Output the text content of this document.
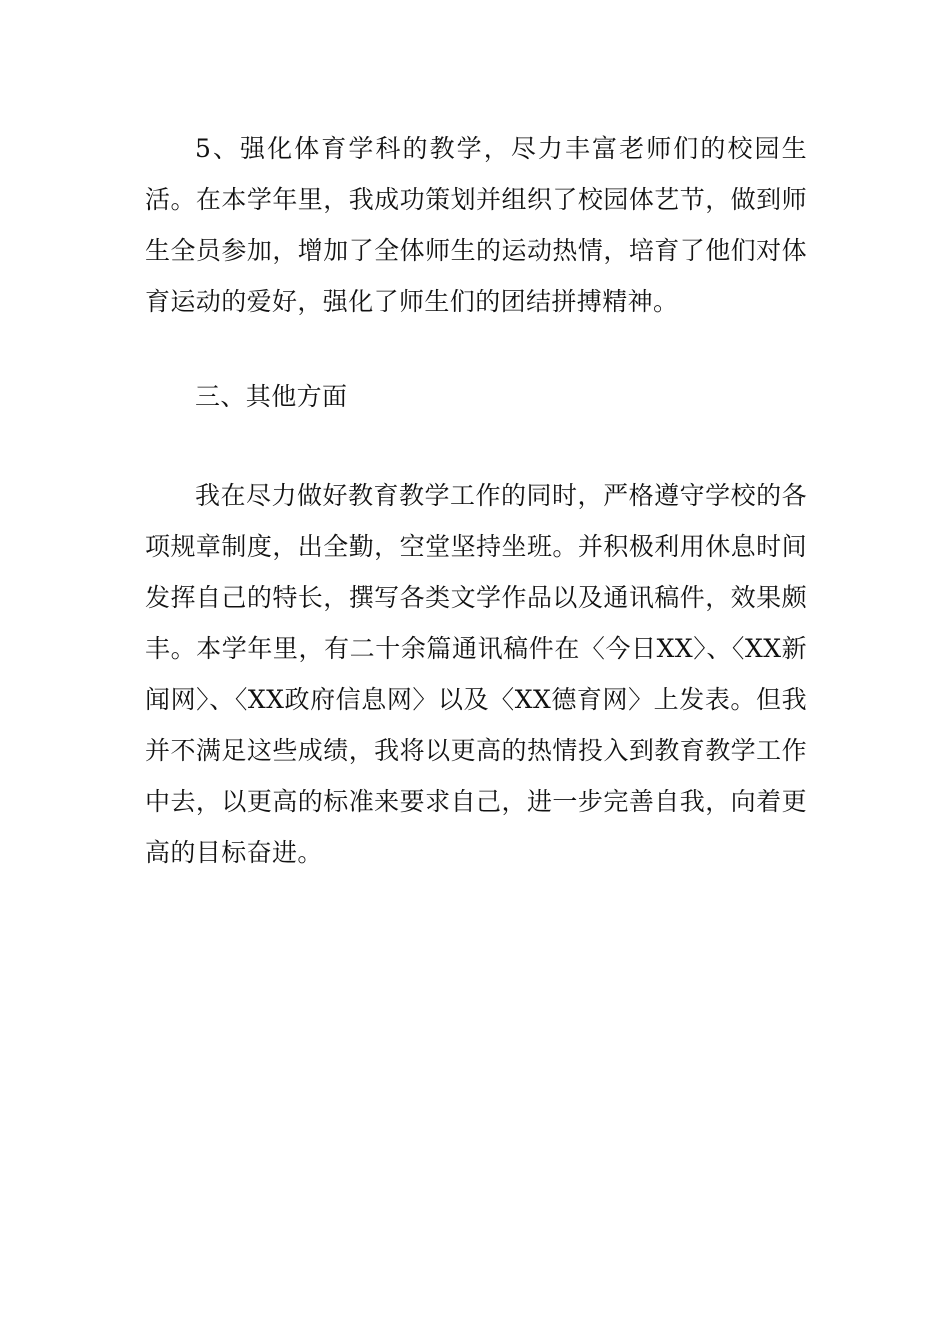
5、强化体育学科的教学，尽力丰富老师们的校园生活。在本学年里，我成功策划并组织了校园体艺节，做到师生全员参加，增加了全体师生的运动热情，培育了他们对体育运动的爱好，强化了师生们的团结拼搏精神。

三、其他方面

我在尽力做好教育教学工作的同时，严格遵守学校的各项规章制度，出全勤，空堂坚持坐班。并积极利用休息时间发挥自己的特长，撰写各类文学作品以及通讯稿件，效果颇丰。本学年里，有二十余篇通讯稿件在〈今日XX〉、〈XX新闻网〉、〈XX政府信息网〉以及〈XX德育网〉上发表。但我并不满足这些成绩，我将以更高的热情投入到教育教学工作中去，以更高的标准来要求自己，进一步完善自我，向着更高的目标奋进。
